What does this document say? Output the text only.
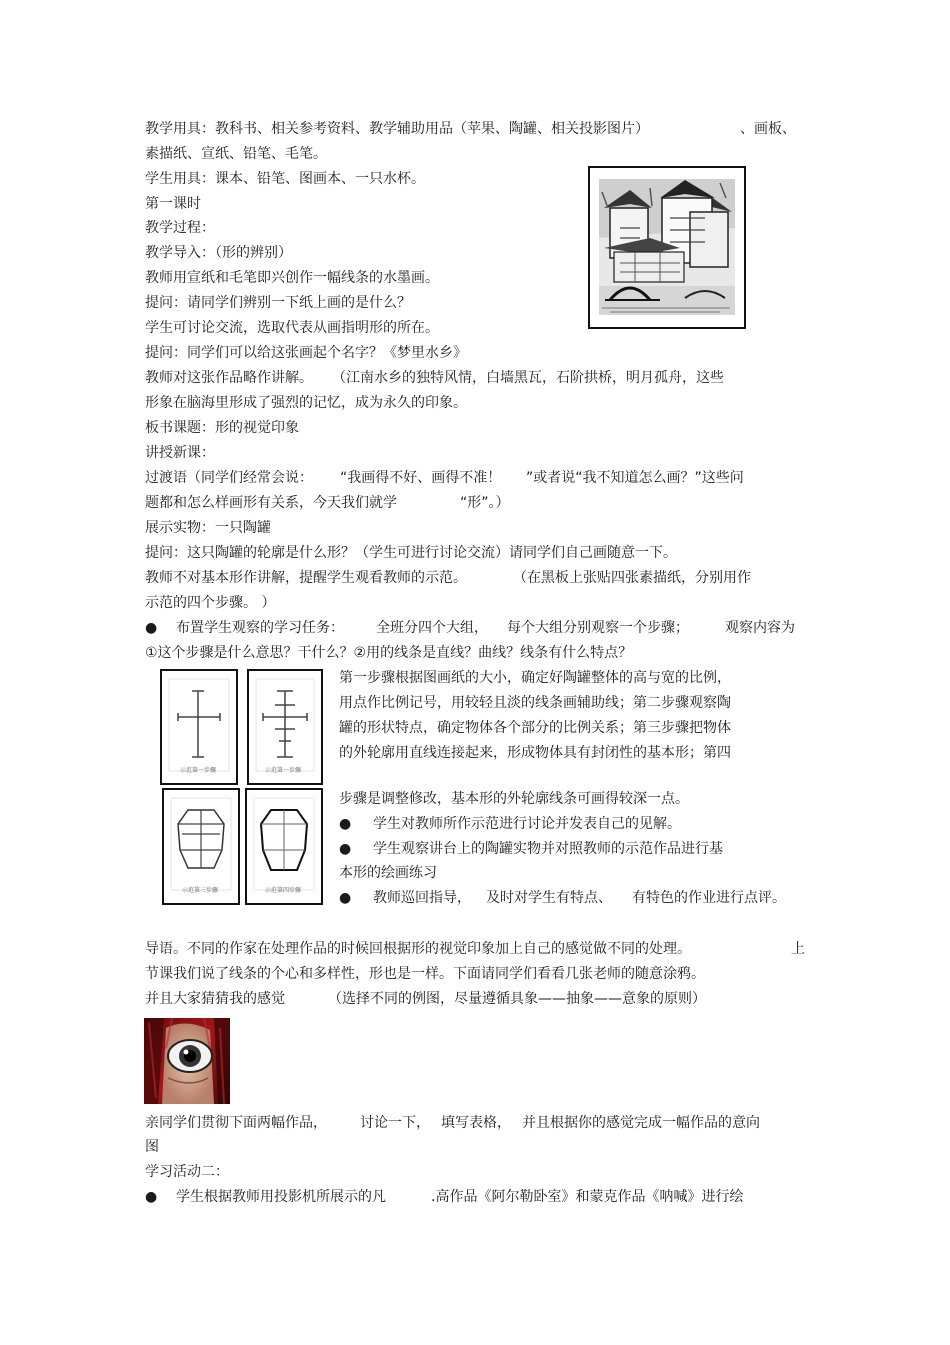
教学用具：教科书、相关参考资料、教学辅助用品（苹果、陶罐、相关投影图片）	、画板、
素描纸、宣纸、铅笔、毛笔。
学生用具：课本、铅笔、图画本、一只水杯。
第一课时
教学过程：
教学导入：（形的辨别）
教师用宣纸和毛笔即兴创作一幅线条的水墨画。
提问：请同学们辨别一下纸上画的是什么？
学生可讨论交流，选取代表从画指明形的所在。
提问：同学们可以给这张画起个名字？《梦里水乡》
教师对这张作品略作讲解。 （江南水乡的独特风情，白墙黑瓦，石阶拱桥，明月孤舟，这些
形象在脑海里形成了强烈的记忆，成为永久的印象。
板书课题：形的视觉印象
讲授新课：
过渡语（同学们经常会说： “我画得不好、画得不准！ ”或者说“我不知道怎么画？”这些问
题都和怎么样画形有关系，今天我们就学	“形”。）
展示实物：一只陶罐
提问：这只陶罐的轮廓是什么形？（学生可进行讨论交流）请同学们自己画随意一下。
教师不对基本形作讲解，提醒学生观看教师的示范。	（在黑板上张贴四张素描纸，分别用作
示范的四个步骤。 ）
●
布置学生观察的学习任务： 全班分四个大组， 每个大组分别观察一个步骤；	观察内容为
①这个步骤是什么意思？干什么？②用的线条是直线？曲线？线条有什么特点？
第一步骤根据图画纸的大小，确定好陶罐整体的高与宽的比例，
用点作比例记号，用较轻且淡的线条画辅助线；第二步骤观察陶
罐的形状特点，确定物体各个部分的比例关系；第三步骤把物体
的外轮廓用直线连接起来，形成物体具有封闭性的基本形；第四
步骤是调整修改，基本形的外轮廓线条可画得较深一点。
●
学生对教师所作示范进行讨论并发表自己的见解。
●
学生观察讲台上的陶罐实物并对照教师的示范作品进行基
本形的绘画练习
●
教师巡回指导， 及时对学生有特点、 有特色的作业进行点评。
导语。不同的作家在处理作品的时候回根据形的视觉印象加上自己的感觉做不同的处理。	上
节课我们说了线条的个心和多样性，形也是一样。下面请同学们看看几张老师的随意涂鸦。
并且大家猜猜我的感觉	（选择不同的例图，尽量遵循具象——抽象——意象的原则）
亲同学们贯彻下面两幅作品， 讨论一下， 填写表格， 并且根据你的感觉完成一幅作品的意向
图
学习活动二：
●
学生根据教师用投影机所展示的凡	.高作品《阿尔勒卧室》和蒙克作品《呐喊》进行绘
示范第一步骤	示范第一步骤
示范第三步骤	示范第四步骤
